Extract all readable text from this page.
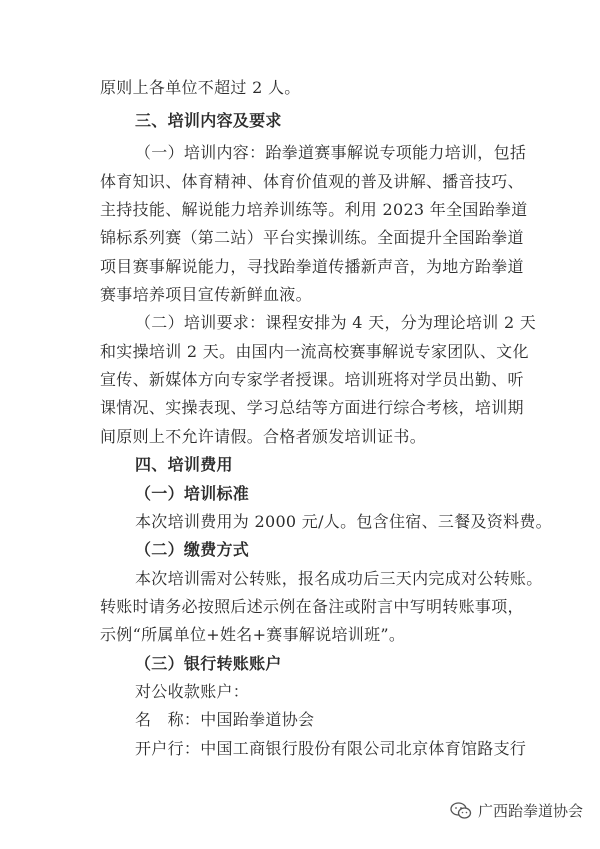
原则上各单位不超过 2 人。
三、培训内容及要求
（一）培训内容：跆拳道赛事解说专项能力培训，包括
体育知识、体育精神、体育价值观的普及讲解、播音技巧、
主持技能、解说能力培养训练等。利用 2023 年全国跆拳道
锦标系列赛（第二站）平台实操训练。全面提升全国跆拳道
项目赛事解说能力，寻找跆拳道传播新声音，为地方跆拳道
赛事培养项目宣传新鲜血液。
（二）培训要求：课程安排为 4 天，分为理论培训 2 天
和实操培训 2 天。由国内一流高校赛事解说专家团队、文化
宣传、新媒体方向专家学者授课。培训班将对学员出勤、听
课情况、实操表现、学习总结等方面进行综合考核，培训期
间原则上不允许请假。合格者颁发培训证书。
四、培训费用
（一）培训标准
本次培训费用为 2000 元/人。包含住宿、三餐及资料费。
（二）缴费方式
本次培训需对公转账，报名成功后三天内完成对公转账。
转账时请务必按照后述示例在备注或附言中写明转账事项，
示例“所属单位+姓名+赛事解说培训班”。
（三）银行转账账户
对公收款账户：
名　称：中国跆拳道协会
开户行：中国工商银行股份有限公司北京体育馆路支行
广西跆拳道协会
